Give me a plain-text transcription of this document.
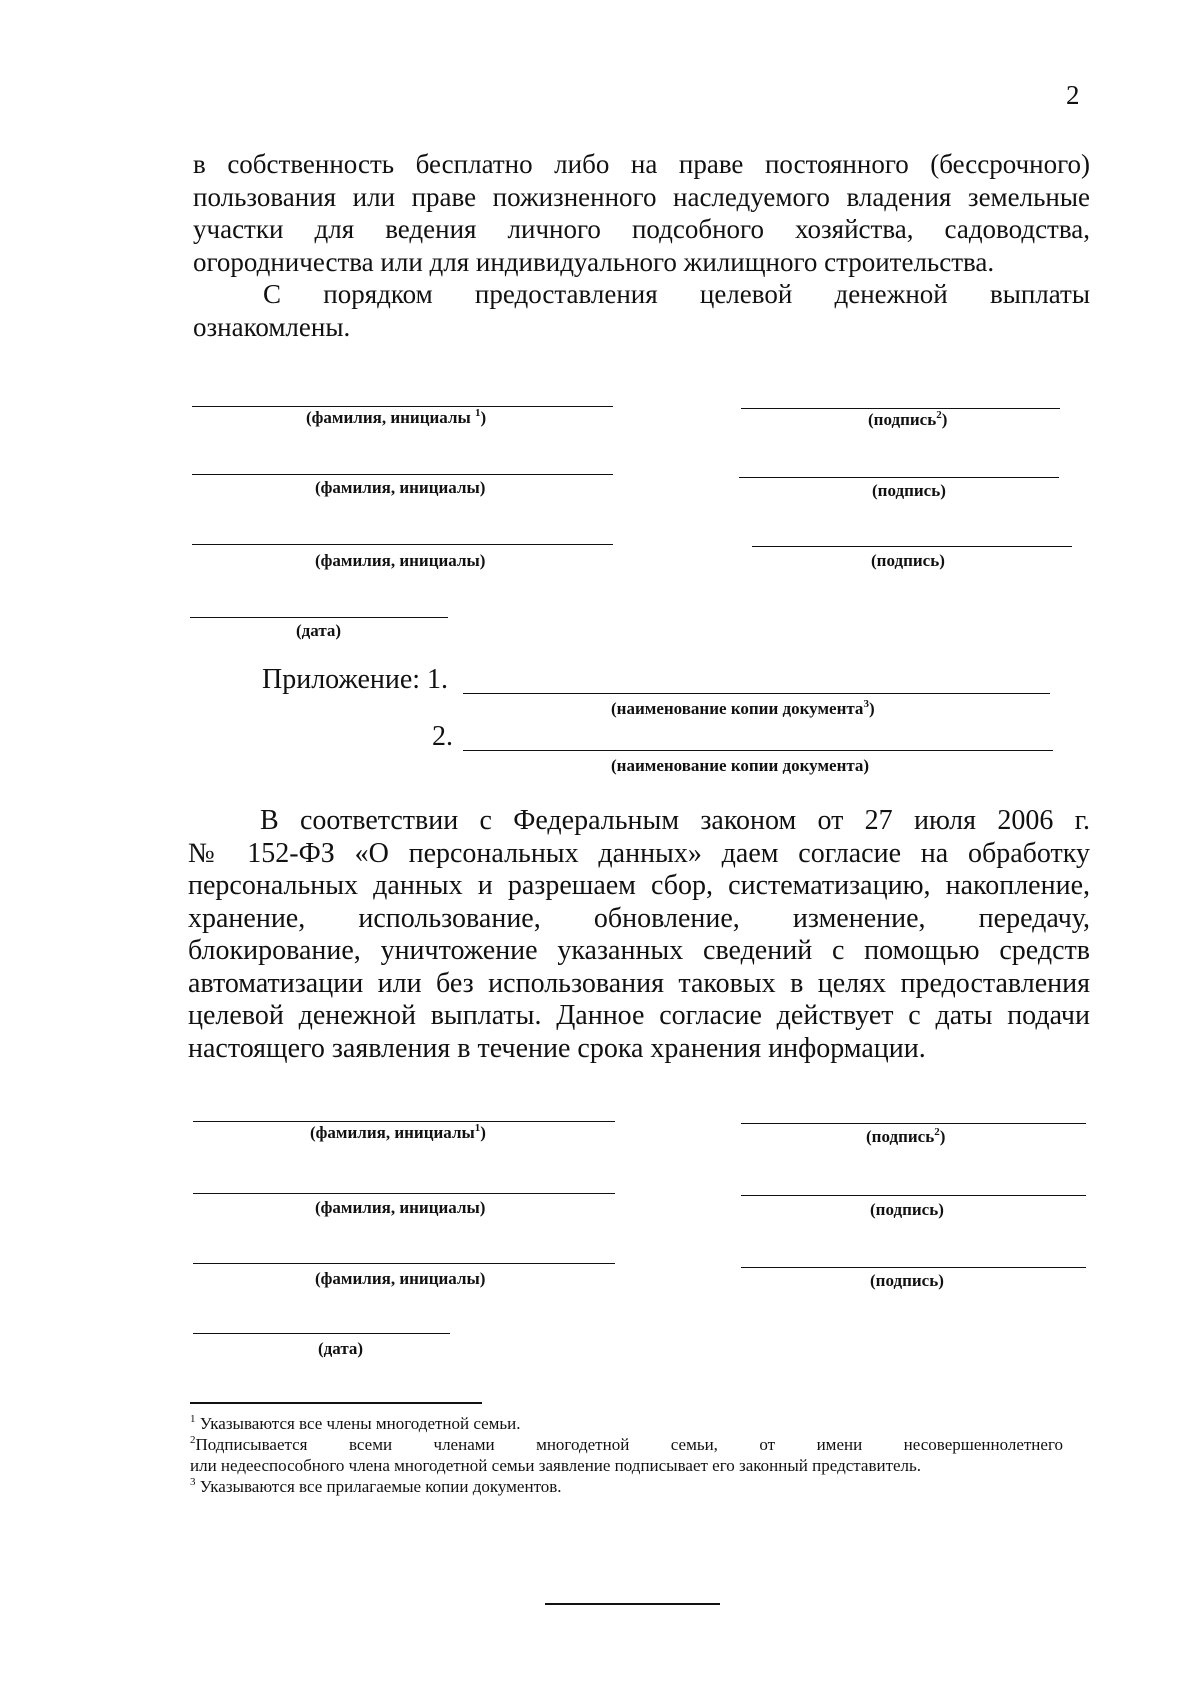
2
в собственность бесплатно либо на праве постоянного (бессрочного)
пользования или праве пожизненного наследуемого владения земельные
участки для ведения личного подсобного хозяйства, садоводства,
огородничества или для индивидуального жилищного строительства.
С порядком предоставления целевой денежной выплаты
ознакомлены.
(фамилия, инициалы $^1$)	(подпись$^2$)
(фамилия, инициалы)	(подпись)
(фамилия, инициалы)	(подпись)
(дата)
Приложение: 1.
(наименование копии документа$^3$)
2.
(наименование копии документа)
В соответствии с Федеральным законом от 27 июля 2006 г.
№ 152-ФЗ «О персональных данных» даем согласие на обработку
персональных данных и разрешаем сбор, систематизацию, накопление,
хранение, использование, обновление, изменение, передачу,
блокирование, уничтожение указанных сведений с помощью средств
автоматизации или без использования таковых в целях предоставления
целевой денежной выплаты. Данное согласие действует с даты подачи
настоящего заявления в течение срока хранения информации.
(фамилия, инициалы$^1$)	(подпись$^2$)
(фамилия, инициалы)	(подпись)
(фамилия, инициалы)	(подпись)
(дата)
$^1$ Указываются все члены многодетной семьи.
$^2$Подписывается всеми членами многодетной семьи, от имени несовершеннолетнего
или недееспособного члена многодетной семьи заявление подписывает его законный представитель.
$^3$ Указываются все прилагаемые копии документов.
